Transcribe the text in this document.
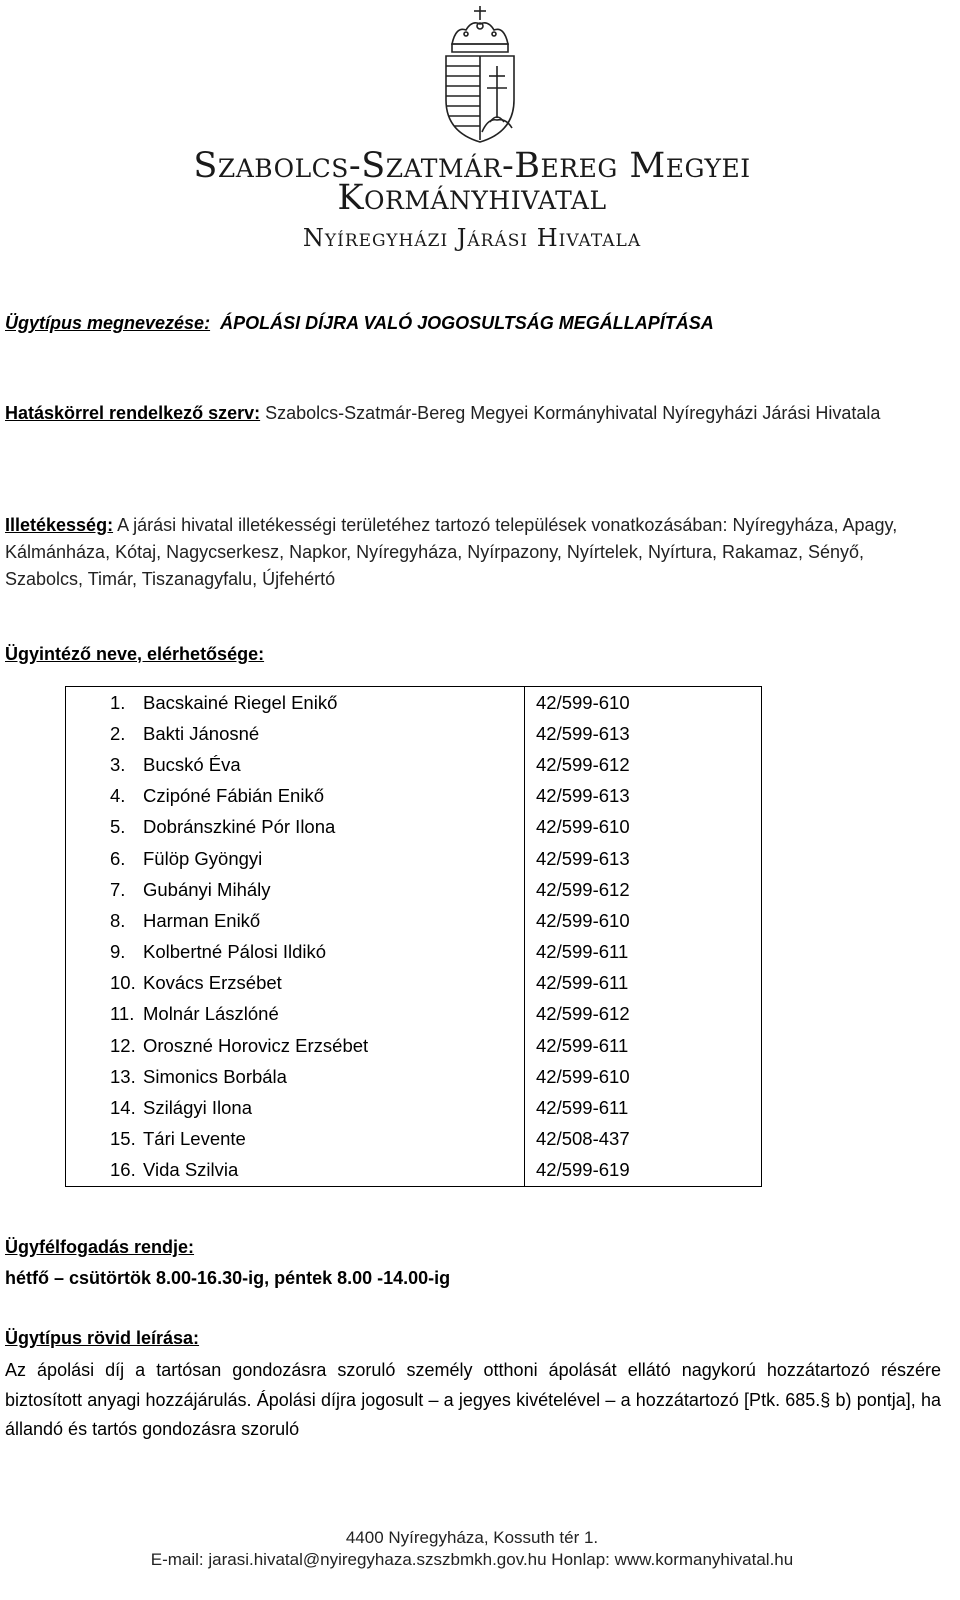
Szabolcs-Szatmár-Bereg Megyei
Kormányhivatal
Nyíregyházi Járási Hivatala
Ügytípus megnevezése: ÁPOLÁSI DÍJRA VALÓ JOGOSULTSÁG MEGÁLLAPÍTÁSA
Hatáskörrel rendelkező szerv: Szabolcs-Szatmár-Bereg Megyei Kormányhivatal Nyíregyházi Járási Hivatala
Illetékesség: A járási hivatal illetékességi területéhez tartozó települések vonatkozásában: Nyíregyháza, Apagy, Kálmánháza, Kótaj, Nagycserkesz, Napkor, Nyíregyháza, Nyírpazony, Nyírtelek, Nyírtura, Rakamaz, Sényő, Szabolcs, Timár, Tiszanagyfalu, Újfehértó
Ügyintéző neve, elérhetősége:
1. Bacskainé Riegel Enikő	42/599-610
2. Bakti Jánosné	42/599-613
3. Bucskó Éva	42/599-612
4. Czipóné Fábián Enikő	42/599-613
5. Dobránszkiné Pór Ilona	42/599-610
6. Fülöp Gyöngyi	42/599-613
7. Gubányi Mihály	42/599-612
8. Harman Enikő	42/599-610
9. Kolbertné Pálosi Ildikó	42/599-611
10. Kovács Erzsébet	42/599-611
11. Molnár Lászlóné	42/599-612
12. Oroszné Horovicz Erzsébet	42/599-611
13. Simonics Borbála	42/599-610
14. Szilágyi Ilona	42/599-611
15. Tári Levente	42/508-437
16. Vida Szilvia	42/599-619
Ügyfélfogadás rendje:
hétfő – csütörtök 8.00-16.30-ig, péntek 8.00 -14.00-ig
Ügytípus rövid leírása:
Az ápolási díj a tartósan gondozásra szoruló személy otthoni ápolását ellátó nagykorú hozzátartozó részére biztosított anyagi hozzájárulás. Ápolási díjra jogosult – a jegyes kivételével – a hozzátartozó [Ptk. 685.§ b) pontja], ha állandó és tartós gondozásra szoruló
4400 Nyíregyháza, Kossuth tér 1.
E-mail: jarasi.hivatal@nyiregyhaza.szszbmkh.gov.hu Honlap: www.kormanyhivatal.hu
